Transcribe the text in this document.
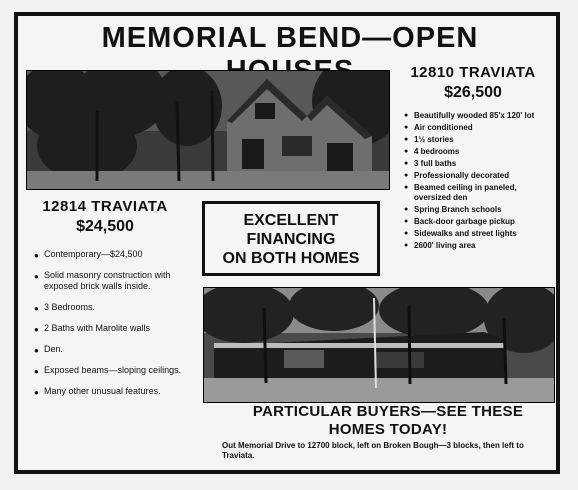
MEMORIAL BEND—OPEN
12810 TRAVIATA
$26,500
● Beautifully wooded 85'x 120' lot
● Air conditioned
● 1½ stories
● 4 bedrooms
● 3 full baths
● Professionally decorated
● Beamed ceiling in paneled, oversized den
● Spring Branch schools
● Back-door garbage pickup
● Sidewalks and street lights
● 2600' living area
12814 TRAVIATA
$24,500	EXCELLENT
FINANCING
ON BOTH HOMES
● Contemporary—$24,500
● Solid masonry construction with exposed brick walls inside.
● 3 Bedrooms.
● 2 Baths with Marolite walls
● Den.
● Exposed beams—sloping ceilings.
● Many other unusual features.
PARTICULAR BUYERS—SEE THESE HOMES TODAY!
Out Memorial Drive to 12700 block, left on Broken Bough—3 blocks, then left to Traviata.
